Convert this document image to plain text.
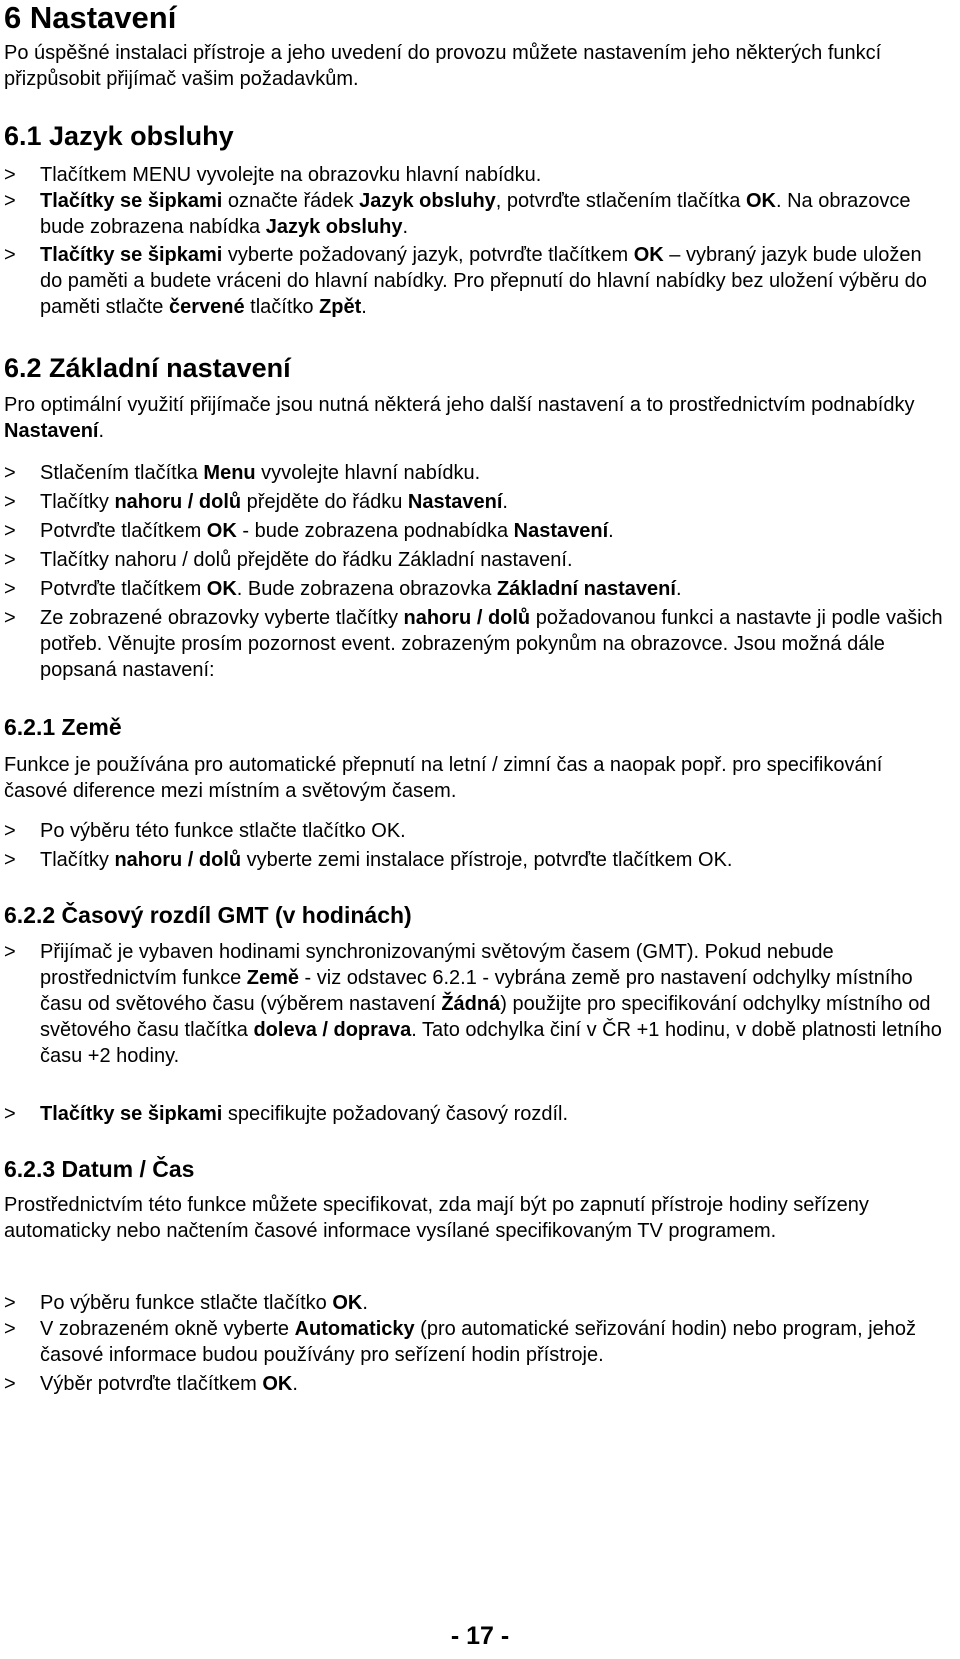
6 Nastavení

Po úspěšné instalaci přístroje a jeho uvedení do provozu můžete nastavením jeho některých funkcí přizpůsobit přijímač vašim požadavkům.

6.1 Jazyk obsluhy
> Tlačítkem MENU vyvolejte na obrazovku hlavní nabídku.
> Tlačítky se šipkami označte řádek Jazyk obsluhy, potvrďte stlačením tlačítka OK. Na obrazovce bude zobrazena nabídka Jazyk obsluhy.
> Tlačítky se šipkami vyberte požadovaný jazyk, potvrďte tlačítkem OK – vybraný jazyk bude uložen do paměti a budete vráceni do hlavní nabídky. Pro přepnutí do hlavní nabídky bez uložení výběru do paměti stlačte červené tlačítko Zpět.
6.2 Základní nastavení

Pro optimální využití přijímače jsou nutná některá jeho další nastavení a to prostřednictvím podnabídky Nastavení.

> Stlačením tlačítka Menu vyvolejte hlavní nabídku.
> Tlačítky nahoru / dolů přejděte do řádku Nastavení.
> Potvrďte tlačítkem OK - bude zobrazena podnabídka Nastavení.
> Tlačítky nahoru / dolů přejděte do řádku Základní nastavení.
> Potvrďte tlačítkem OK. Bude zobrazena obrazovka Základní nastavení.
> Ze zobrazené obrazovky vyberte tlačítky nahoru / dolů požadovanou funkci a nastavte ji podle vašich potřeb. Věnujte prosím pozornost event. zobrazeným pokynům na obrazovce. Jsou možná dále popsaná nastavení:
6.2.1 Země

Funkce je používána pro automatické přepnutí na letní / zimní čas a naopak popř. pro specifikování časové diference mezi místním a světovým časem.

> Po výběru této funkce stlačte tlačítko OK.
> Tlačítky nahoru / dolů vyberte zemi instalace přístroje, potvrďte tlačítkem OK.
6.2.2 Časový rozdíl GMT (v hodinách)
> Přijímač je vybaven hodinami synchronizovanými světovým časem (GMT). Pokud nebude prostřednictvím funkce Země - viz odstavec 6.2.1 - vybrána země pro nastavení odchylky místního času od světového času (výběrem nastavení Žádná) použijte pro specifikování odchylky místního od světového času tlačítka doleva / doprava. Tato odchylka činí v ČR +1 hodinu, v době platnosti letního času +2 hodiny.
> Tlačítky se šipkami specifikujte požadovaný časový rozdíl.
6.2.3 Datum / Čas

Prostřednictvím této funkce můžete specifikovat, zda mají být po zapnutí přístroje hodiny seřízeny automaticky nebo načtením časové informace vysílané specifikovaným TV programem.

> Po výběru funkce stlačte tlačítko OK.
> V zobrazeném okně vyberte Automaticky (pro automatické seřizování hodin) nebo program, jehož časové informace budou používány pro seřízení hodin přístroje.
> Výběr potvrďte tlačítkem OK.
- 17 -
